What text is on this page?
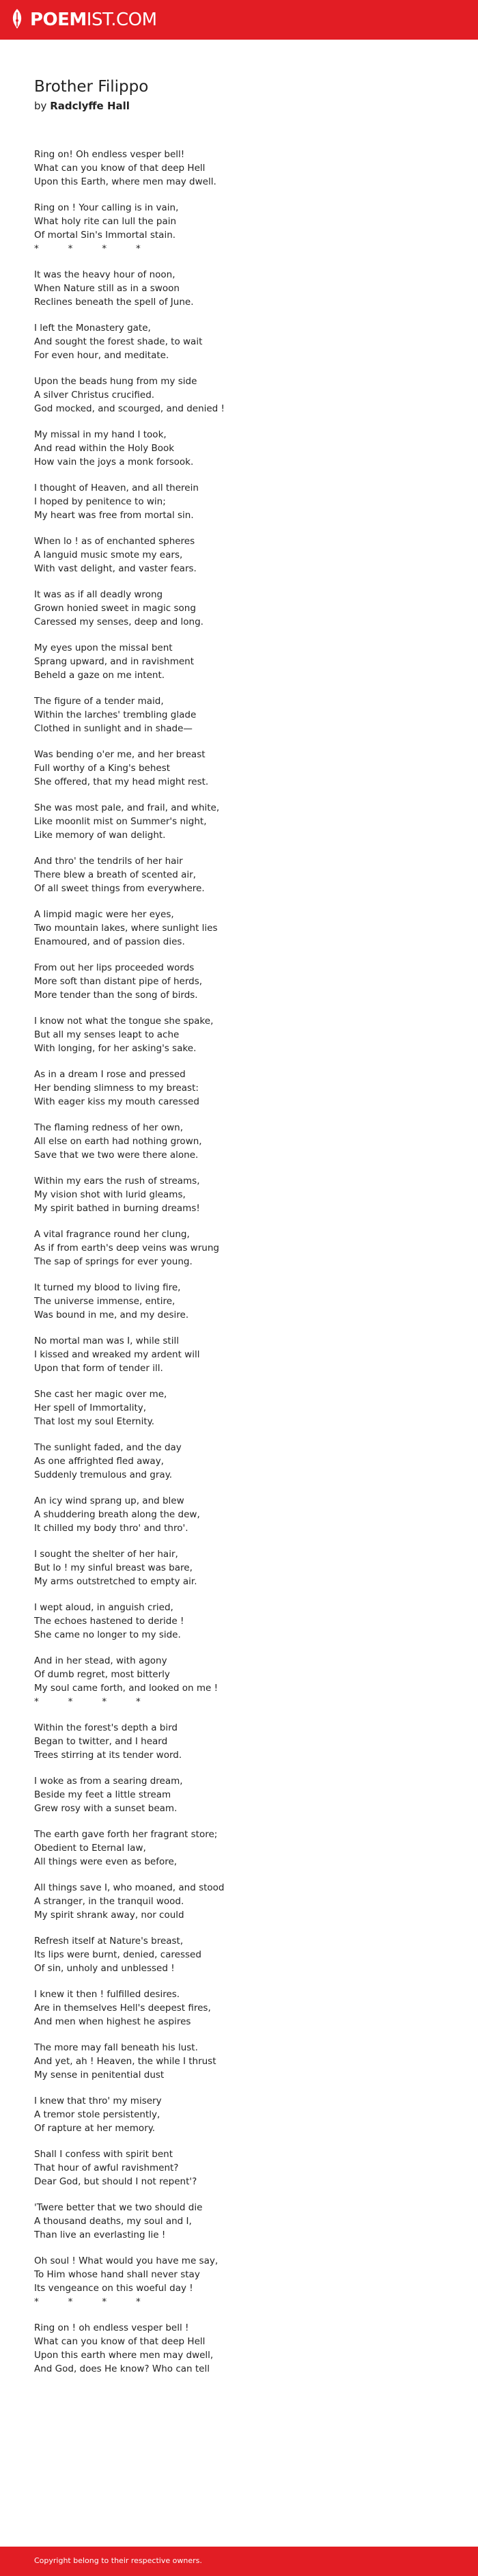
POEMIST.COM
Brother Filippo
by Radclyffe Hall
Ring on! Oh endless vesper bell!
What can you know of that deep Hell
Upon this Earth, where men may dwell.
Ring on ! Your calling is in vain,
What holy rite can lull the pain
Of mortal Sin's Immortal stain.
*          *          *          *
It was the heavy hour of noon,
When Nature still as in a swoon
Reclines beneath the spell of June.
I left the Monastery gate,
And sought the forest shade, to wait
For even hour, and meditate.
Upon the beads hung from my side
A silver Christus crucified.
God mocked, and scourged, and denied !
My missal in my hand I took,
And read within the Holy Book
How vain the joys a monk forsook.
I thought of Heaven, and all therein
I hoped by penitence to win;
My heart was free from mortal sin.
When lo ! as of enchanted spheres
A languid music smote my ears,
With vast delight, and vaster fears.
It was as if all deadly wrong
Grown honied sweet in magic song
Caressed my senses, deep and long.
My eyes upon the missal bent
Sprang upward, and in ravishment
Beheld a gaze on me intent.
The figure of a tender maid,
Within the larches' trembling glade
Clothed in sunlight and in shade—
Was bending o'er me, and her breast
Full worthy of a King's behest
She offered, that my head might rest.
She was most pale, and frail, and white,
Like moonlit mist on Summer's night,
Like memory of wan delight.
And thro' the tendrils of her hair
There blew a breath of scented air,
Of all sweet things from everywhere.
A limpid magic were her eyes,
Two mountain lakes, where sunlight lies
Enamoured, and of passion dies.
From out her lips proceeded words
More soft than distant pipe of herds,
More tender than the song of birds.
I know not what the tongue she spake,
But all my senses leapt to ache
With longing, for her asking's sake.
As in a dream I rose and pressed
Her bending slimness to my breast:
With eager kiss my mouth caressed
The flaming redness of her own,
All else on earth had nothing grown,
Save that we two were there alone.
Within my ears the rush of streams,
My vision shot with lurid gleams,
My spirit bathed in burning dreams!
A vital fragrance round her clung,
As if from earth's deep veins was wrung
The sap of springs for ever young.
It turned my blood to living fire,
The universe immense, entire,
Was bound in me, and my desire.
No mortal man was I, while still
I kissed and wreaked my ardent will
Upon that form of tender ill.
She cast her magic over me,
Her spell of Immortality,
That lost my soul Eternity.
The sunlight faded, and the day
As one affrighted fled away,
Suddenly tremulous and gray.
An icy wind sprang up, and blew
A shuddering breath along the dew,
It chilled my body thro' and thro'.
I sought the shelter of her hair,
But lo ! my sinful breast was bare,
My arms outstretched to empty air.
I wept aloud, in anguish cried,
The echoes hastened to deride !
She came no longer to my side.
And in her stead, with agony
Of dumb regret, most bitterly
My soul came forth, and looked on me !
*          *          *          *
Within the forest's depth a bird
Began to twitter, and I heard
Trees stirring at its tender word.
I woke as from a searing dream,
Beside my feet a little stream
Grew rosy with a sunset beam.
The earth gave forth her fragrant store;
Obedient to Eternal law,
All things were even as before,
All things save I, who moaned, and stood
A stranger, in the tranquil wood.
My spirit shrank away, nor could
Refresh itself at Nature's breast,
Its lips were burnt, denied, caressed
Of sin, unholy and unblessed !
I knew it then ! fulfilled desires.
Are in themselves Hell's deepest fires,
And men when highest he aspires
The more may fall beneath his lust.
And yet, ah ! Heaven, the while I thrust
My sense in penitential dust
I knew that thro' my misery
A tremor stole persistently,
Of rapture at her memory.
Shall I confess with spirit bent
That hour of awful ravishment?
Dear God, but should I not repent'?
'Twere better that we two should die
A thousand deaths, my soul and I,
Than live an everlasting lie !
Oh soul ! What would you have me say,
To Him whose hand shall never stay
Its vengeance on this woeful day !
*          *          *          *
Ring on ! oh endless vesper bell !
What can you know of that deep Hell
Upon this earth where men may dwell,
And God, does He know? Who can tell
Copyright belong to their respective owners.
